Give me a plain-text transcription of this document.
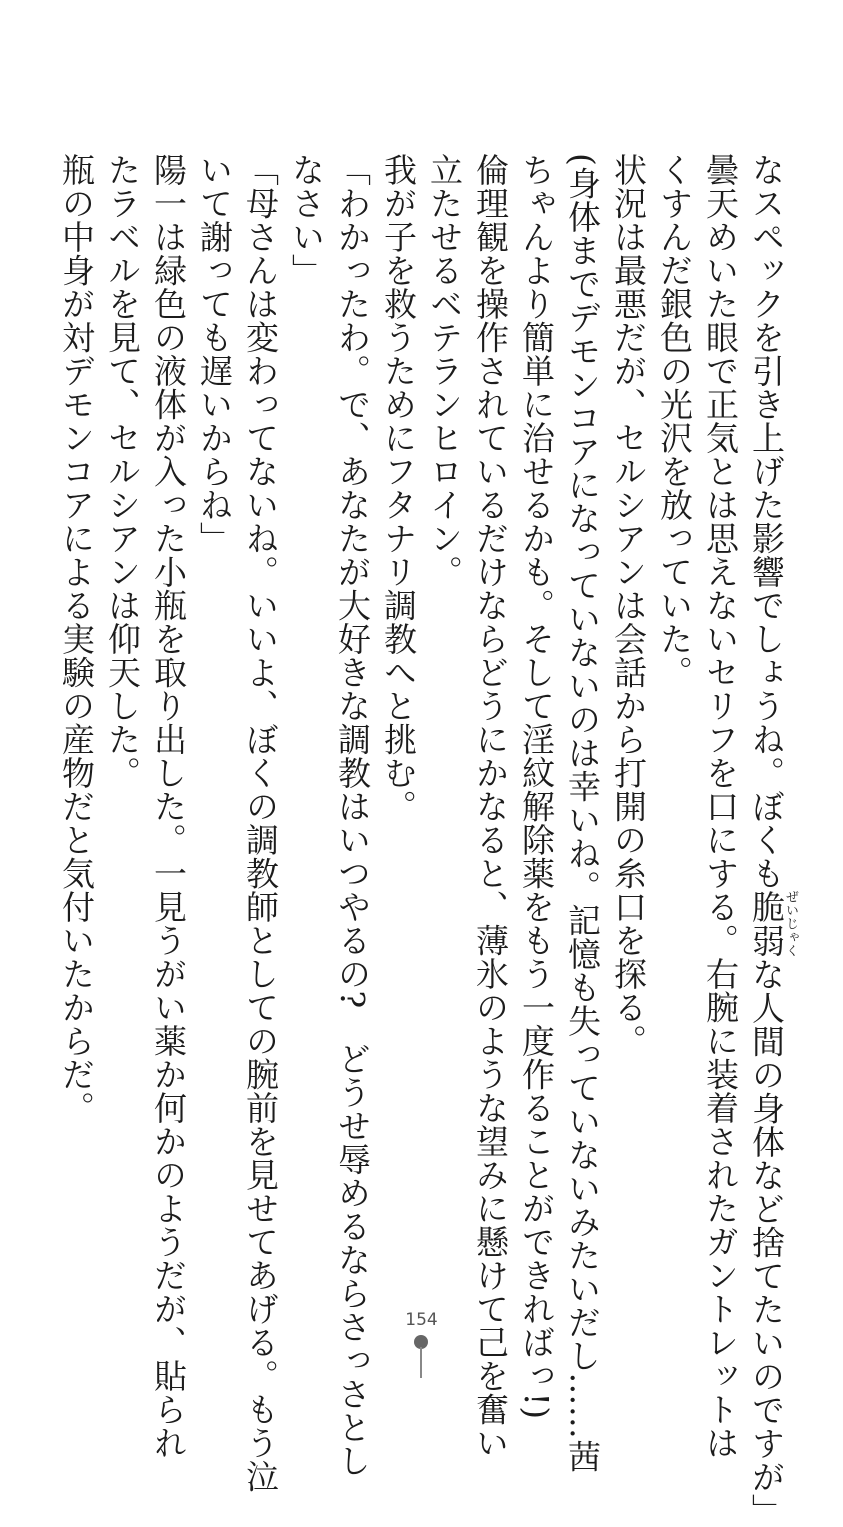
なスペックを引き上げた影響でしょうね。ぼくも脆弱ぜいじゃくな人間の身体など捨てたいのですが」
曇天めいた眼で正気とは思えないセリフを口にする。右腕に装着されたガントレットは
くすんだ銀色の光沢を放っていた。
状況は最悪だが、セルシアンは会話から打開の糸口を探る。
(身体までデモンコアになっていないのは幸いね。記憶も失っていないみたいだし……茜
ちゃんより簡単に治せるかも。そして淫紋解除薬をもう一度作ることができればっ!)
倫理観を操作されているだけならどうにかなると、薄氷のような望みに懸けて己を奮い
立たせるベテランヒロイン。
我が子を救うためにフタナリ調教へと挑む。
「わかったわ。で、あなたが大好きな調教はいつやるの?　どうせ辱めるならさっさとし
なさい」
「母さんは変わってないね。いいよ、ぼくの調教師としての腕前を見せてあげる。もう泣
いて謝っても遅いからね」
陽一は緑色の液体が入った小瓶を取り出した。一見うがい薬か何かのようだが、貼られ
たラベルを見て、セルシアンは仰天した。
瓶の中身が対デモンコアによる実験の産物だと気付いたからだ。
154
